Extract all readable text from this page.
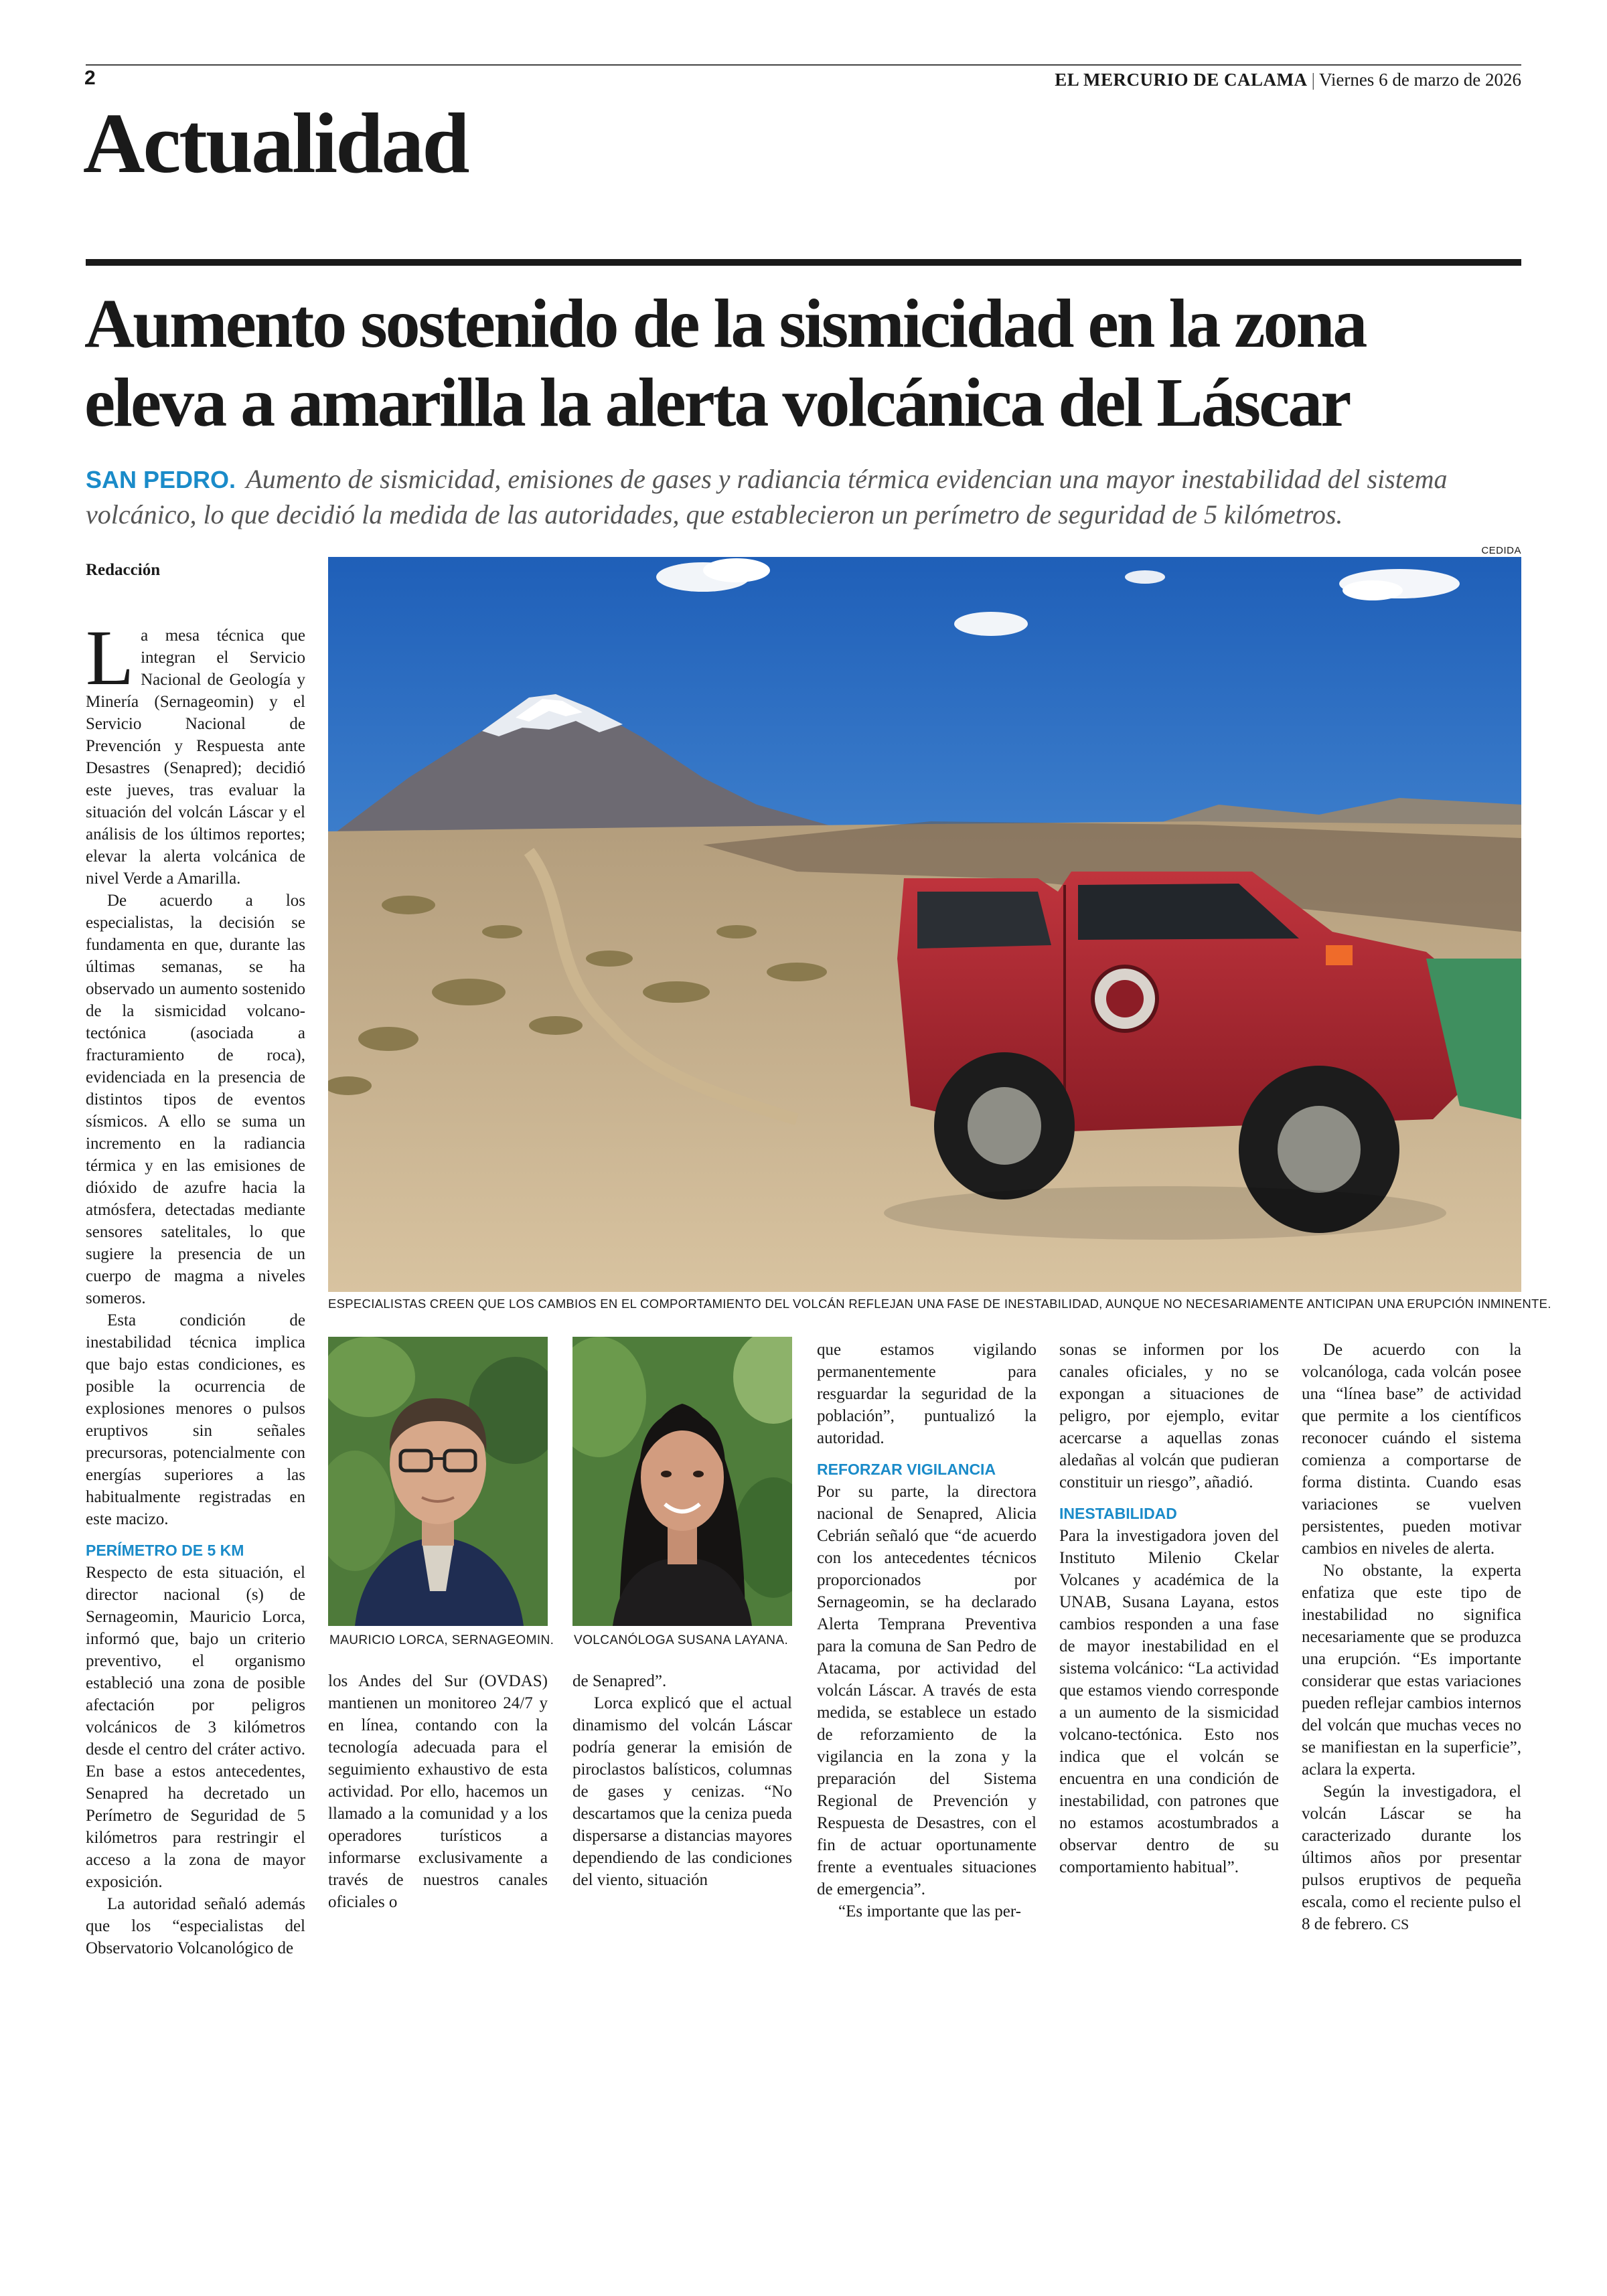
2	EL MERCURIO DE CALAMA | Viernes 6 de marzo de 2026
Actualidad
Aumento sostenido de la sismicidad en la zona
eleva a amarilla la alerta volcánica del Láscar
SAN PEDRO. Aumento de sismicidad, emisiones de gases y radiancia térmica evidencian una mayor inestabilidad del sistema volcánico, lo que decidió la medida de las autoridades, que establecieron un perímetro de seguridad de 5 kilómetros.
Redacción
CEDIDA
ESPECIALISTAS CREEN QUE LOS CAMBIOS EN EL COMPORTAMIENTO DEL VOLCÁN REFLEJAN UNA FASE DE INESTABILIDAD, AUNQUE NO NECESARIAMENTE ANTICIPAN UNA ERUPCIÓN INMINENTE.
MAURICIO LORCA, SERNAGEOMIN. VOLCANÓLOGA SUSANA LAYANA.

La mesa técnica que integran el Servicio Nacional de Geología y Minería (Sernageomin) y el Servicio Nacional de Prevención y Respuesta ante Desastres (Senapred); decidió este jueves, tras evaluar la situación del volcán Láscar y el análisis de los últimos reportes; elevar la alerta volcánica de nivel Verde a Amarilla.

De acuerdo a los especialistas, la decisión se fundamenta en que, durante las últimas semanas, se ha observado un aumento sostenido de la sismicidad volcano-tectónica (asociada a fracturamiento de roca), evidenciada en la presencia de distintos tipos de eventos sísmicos. A ello se suma un incremento en la radiancia térmica y en las emisiones de dióxido de azufre hacia la atmósfera, detectadas mediante sensores satelitales, lo que sugiere la presencia de un cuerpo de magma a niveles someros.

Esta condición de inestabilidad técnica implica que bajo estas condiciones, es posible la ocurrencia de explosiones menores o pulsos eruptivos sin señales precursoras, potencialmente con energías superiores a las habitualmente registradas en este macizo.

PERÍMETRO DE 5 KM

Respecto de esta situación, el director nacional (s) de Sernageomin, Mauricio Lorca, informó que, bajo un criterio preventivo, el organismo estableció una zona de posible afectación por peligros volcánicos de 3 kilómetros desde el centro del cráter activo. En base a estos antecedentes, Senapred ha decretado un Perímetro de Seguridad de 5 kilómetros para restringir el acceso a la zona de mayor exposición.

La autoridad señaló además que los “especialistas del Observatorio Volcanológico de

los Andes del Sur (OVDAS) mantienen un monitoreo 24/7 y en línea, contando con la tecnología adecuada para el seguimiento exhaustivo de esta actividad. Por ello, hacemos un llamado a la comunidad y a los operadores turísticos a informarse exclusivamente a través de nuestros canales oficiales o

de Senapred”.

Lorca explicó que el actual dinamismo del volcán Láscar podría generar la emisión de piroclastos balísticos, columnas de gases y cenizas. “No descartamos que la ceniza pueda dispersarse a distancias mayores dependiendo de las condiciones del viento, situación

que estamos vigilando permanentemente para resguardar la seguridad de la población”, puntualizó la autoridad.

REFORZAR VIGILANCIA

Por su parte, la directora nacional de Senapred, Alicia Cebrián señaló que “de acuerdo con los antecedentes técnicos proporcionados por Sernageomin, se ha declarado Alerta Temprana Preventiva para la comuna de San Pedro de Atacama, por actividad del volcán Láscar. A través de esta medida, se establece un estado de reforzamiento de la vigilancia en la zona y la preparación del Sistema Regional de Prevención y Respuesta de Desastres, con el fin de actuar oportunamente frente a eventuales situaciones de emergencia”.

“Es importante que las per-

sonas se informen por los canales oficiales, y no se expongan a situaciones de peligro, por ejemplo, evitar acercarse a aquellas zonas aledañas al volcán que pudieran constituir un riesgo”, añadió.

INESTABILIDAD

Para la investigadora joven del Instituto Milenio Ckelar Volcanes y académica de la UNAB, Susana Layana, estos cambios responden a una fase de mayor inestabilidad en el sistema volcánico: “La actividad que estamos viendo corresponde a un aumento de la sismicidad volcano-tectónica. Esto nos indica que el volcán se encuentra en una condición de inestabilidad, con patrones que no estamos acostumbrados a observar dentro de su comportamiento habitual”.

De acuerdo con la volcanóloga, cada volcán posee una “línea base” de actividad que permite a los científicos reconocer cuándo el sistema comienza a comportarse de forma distinta. Cuando esas variaciones se vuelven persistentes, pueden motivar cambios en niveles de alerta.

No obstante, la experta enfatiza que este tipo de inestabilidad no significa necesariamente que se produzca una erupción. “Es importante considerar que estas variaciones pueden reflejar cambios internos del volcán que muchas veces no se manifiestan en la superficie”, aclara la experta.

Según la investigadora, el volcán Láscar se ha caracterizado durante los últimos años por presentar pulsos eruptivos de pequeña escala, como el reciente pulso el 8 de febrero. CS
